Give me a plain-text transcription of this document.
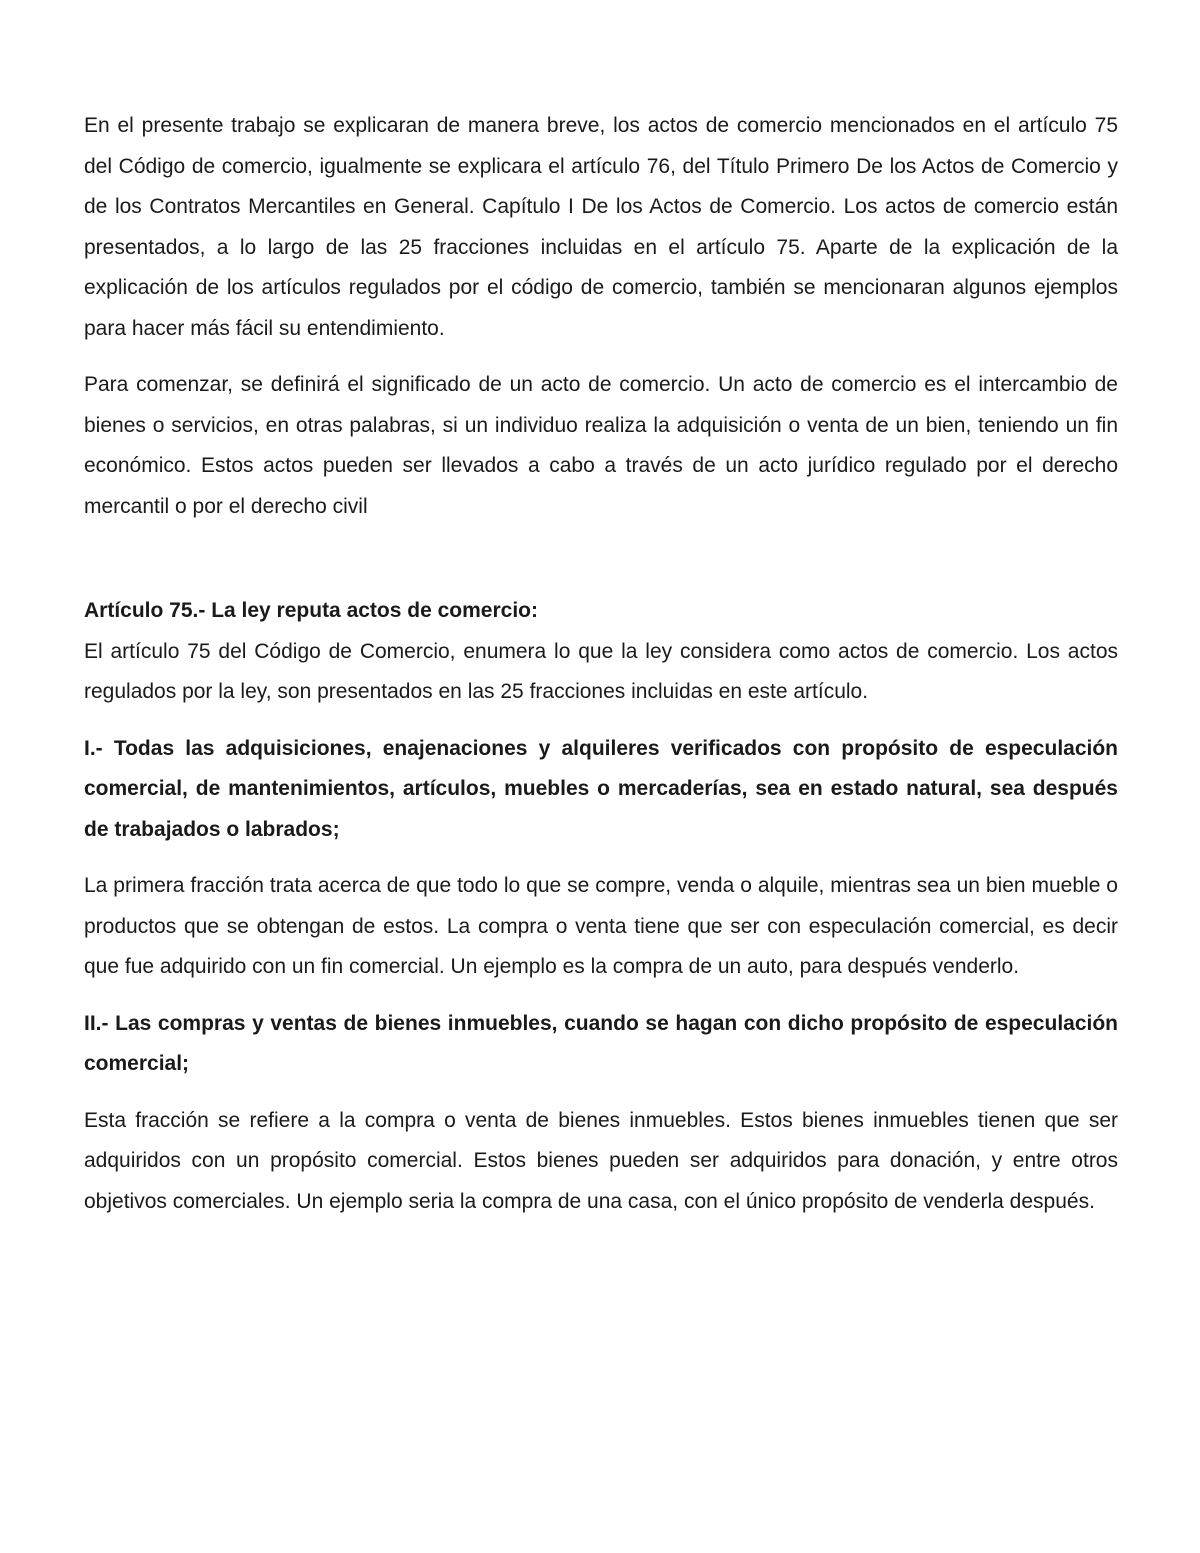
En el presente trabajo se explicaran de manera breve, los actos de comercio mencionados en el artículo 75 del Código de comercio, igualmente se explicara el artículo 76, del Título Primero De los Actos de Comercio y de los Contratos Mercantiles en General. Capítulo I De los Actos de Comercio. Los actos de comercio están presentados, a lo largo de las 25 fracciones incluidas en el artículo 75. Aparte de la explicación de la explicación de los artículos regulados por el código de comercio, también se mencionaran algunos ejemplos para hacer más fácil su entendimiento.

Para comenzar, se definirá el significado de un acto de comercio. Un acto de comercio es el intercambio de bienes o servicios, en otras palabras, si un individuo realiza la adquisición o venta de un bien, teniendo un fin económico. Estos actos pueden ser llevados a cabo a través de un acto jurídico regulado por el derecho mercantil o por el derecho civil

Artículo 75.- La ley reputa actos de comercio:

El artículo 75 del Código de Comercio, enumera lo que la ley considera como actos de comercio. Los actos regulados por la ley, son presentados en las 25 fracciones incluidas en este artículo.

I.- Todas las adquisiciones, enajenaciones y alquileres verificados con propósito de especulación comercial, de mantenimientos, artículos, muebles o mercaderías, sea en estado natural, sea después de trabajados o labrados;

La primera fracción trata acerca de que todo lo que se compre, venda o alquile, mientras sea un bien mueble o productos que se obtengan de estos. La compra o venta tiene que ser con especulación comercial, es decir que fue adquirido con un fin comercial. Un ejemplo es la compra de un auto, para después venderlo.

II.- Las compras y ventas de bienes inmuebles, cuando se hagan con dicho propósito de especulación comercial;

Esta fracción se refiere a la compra o venta de bienes inmuebles. Estos bienes inmuebles tienen que ser adquiridos con un propósito comercial. Estos bienes pueden ser adquiridos para donación, y entre otros objetivos comerciales. Un ejemplo seria la compra de una casa, con el único propósito de venderla después.
